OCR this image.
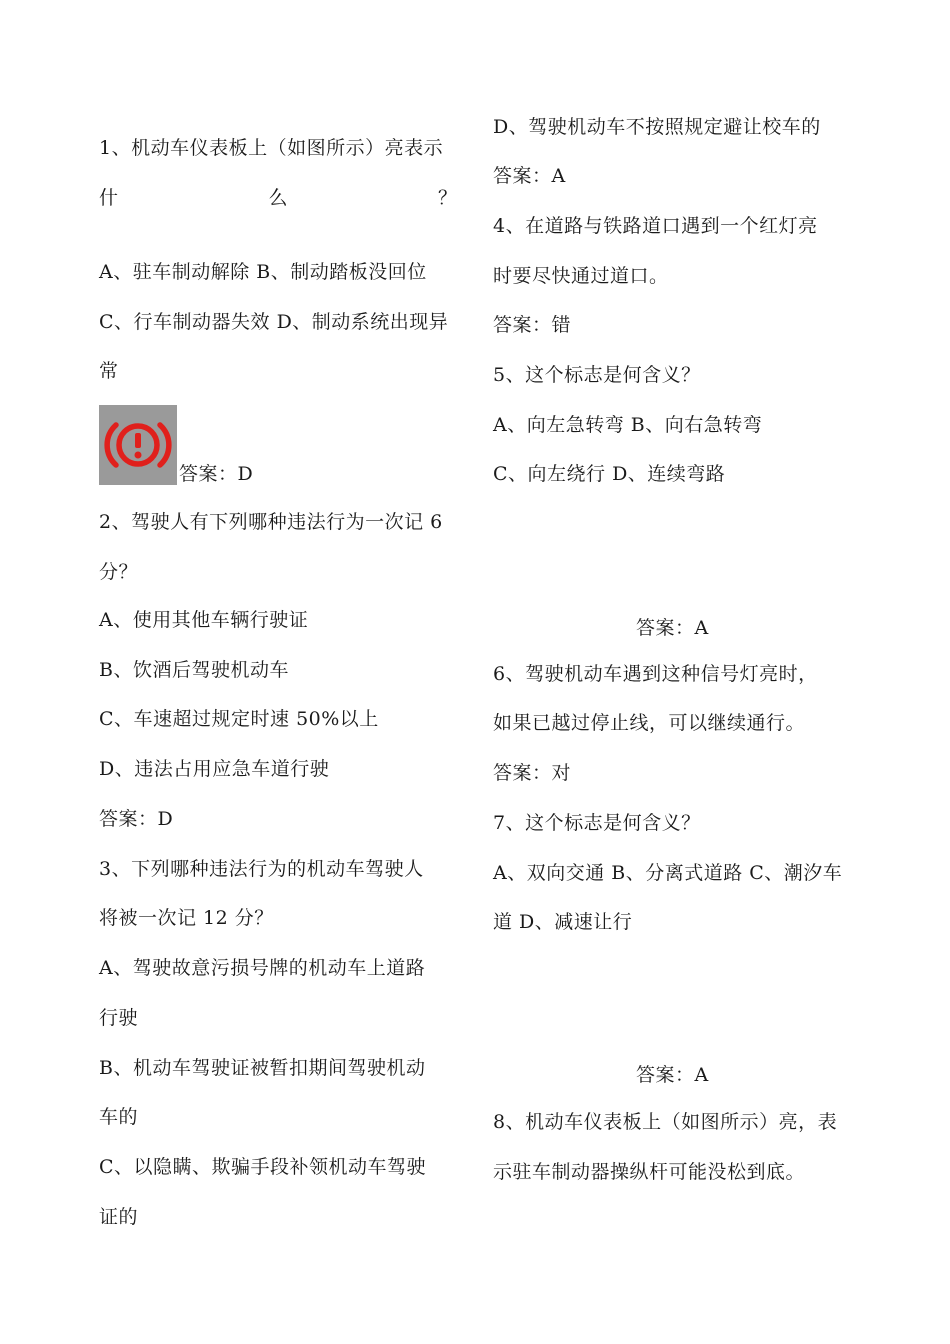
1、机动车仪表板上（如图所示）亮表示
什	么	？
A、驻车制动解除 B、制动踏板没回位
C、行车制动器失效 D、制动系统出现异
常
答案：D
2、驾驶人有下列哪种违法行为一次记 6
分？
A、使用其他车辆行驶证
B、饮酒后驾驶机动车
C、车速超过规定时速 50%以上
D、违法占用应急车道行驶
答案：D
3、下列哪种违法行为的机动车驾驶人
将被一次记 12 分？
A、驾驶故意污损号牌的机动车上道路
行驶
B、机动车驾驶证被暂扣期间驾驶机动
车的
C、以隐瞒、欺骗手段补领机动车驾驶
证的
D、驾驶机动车不按照规定避让校车的
答案：A
4、在道路与铁路道口遇到一个红灯亮
时要尽快通过道口。
答案：错
5、这个标志是何含义？
A、向左急转弯 B、向右急转弯
C、向左绕行 D、连续弯路
答案：A
6、驾驶机动车遇到这种信号灯亮时，
如果已越过停止线，可以继续通行。
答案：对
7、这个标志是何含义？
A、双向交通 B、分离式道路 C、潮汐车
道 D、减速让行
答案：A
8、机动车仪表板上（如图所示）亮，表
示驻车制动器操纵杆可能没松到底。
